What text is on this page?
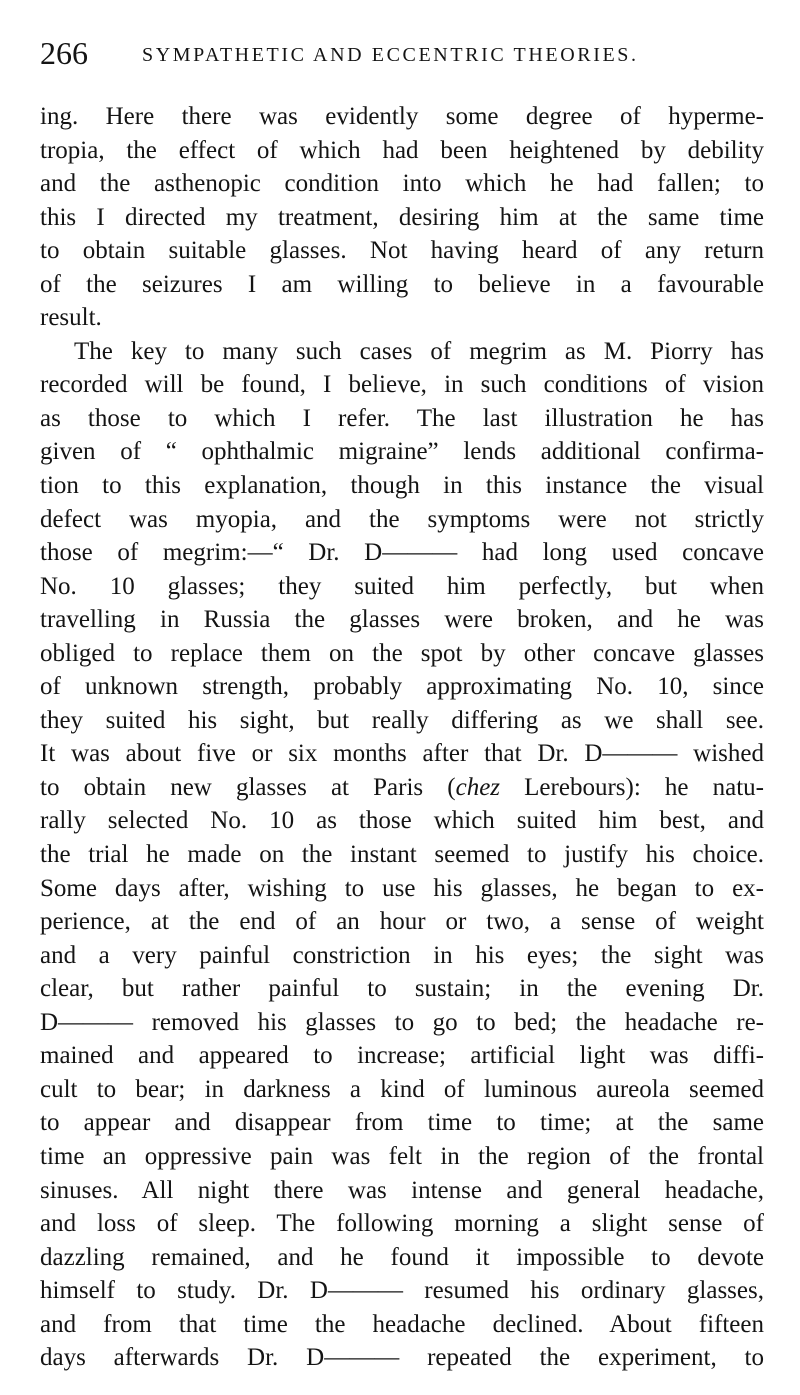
266	SYMPATHETIC AND ECCENTRIC THEORIES.
ing. Here there was evidently some degree of hyperme-
tropia, the effect of which had been heightened by debility
and the asthenopic condition into which he had fallen; to
this I directed my treatment, desiring him at the same time
to obtain suitable glasses. Not having heard of any return
of the seizures I am willing to believe in a favourable
result.
The key to many such cases of megrim as M. Piorry has
recorded will be found, I believe, in such conditions of vision
as those to which I refer. The last illustration he has
given of “ ophthalmic migraine” lends additional confirma-
tion to this explanation, though in this instance the visual
defect was myopia, and the symptoms were not strictly
those of megrim:—“ Dr. D——— had long used concave
No. 10 glasses; they suited him perfectly, but when
travelling in Russia the glasses were broken, and he was
obliged to replace them on the spot by other concave glasses
of unknown strength, probably approximating No. 10, since
they suited his sight, but really differing as we shall see.
It was about five or six months after that Dr. D——— wished
to obtain new glasses at Paris (chez Lerebours): he natu-
rally selected No. 10 as those which suited him best, and
the trial he made on the instant seemed to justify his choice.
Some days after, wishing to use his glasses, he began to ex-
perience, at the end of an hour or two, a sense of weight
and a very painful constriction in his eyes; the sight was
clear, but rather painful to sustain; in the evening Dr.
D——— removed his glasses to go to bed; the headache re-
mained and appeared to increase; artificial light was diffi-
cult to bear; in darkness a kind of luminous aureola seemed
to appear and disappear from time to time; at the same
time an oppressive pain was felt in the region of the frontal
sinuses. All night there was intense and general headache,
and loss of sleep. The following morning a slight sense of
dazzling remained, and he found it impossible to devote
himself to study. Dr. D——— resumed his ordinary glasses,
and from that time the headache declined. About fifteen
days afterwards Dr. D——— repeated the experiment, to
